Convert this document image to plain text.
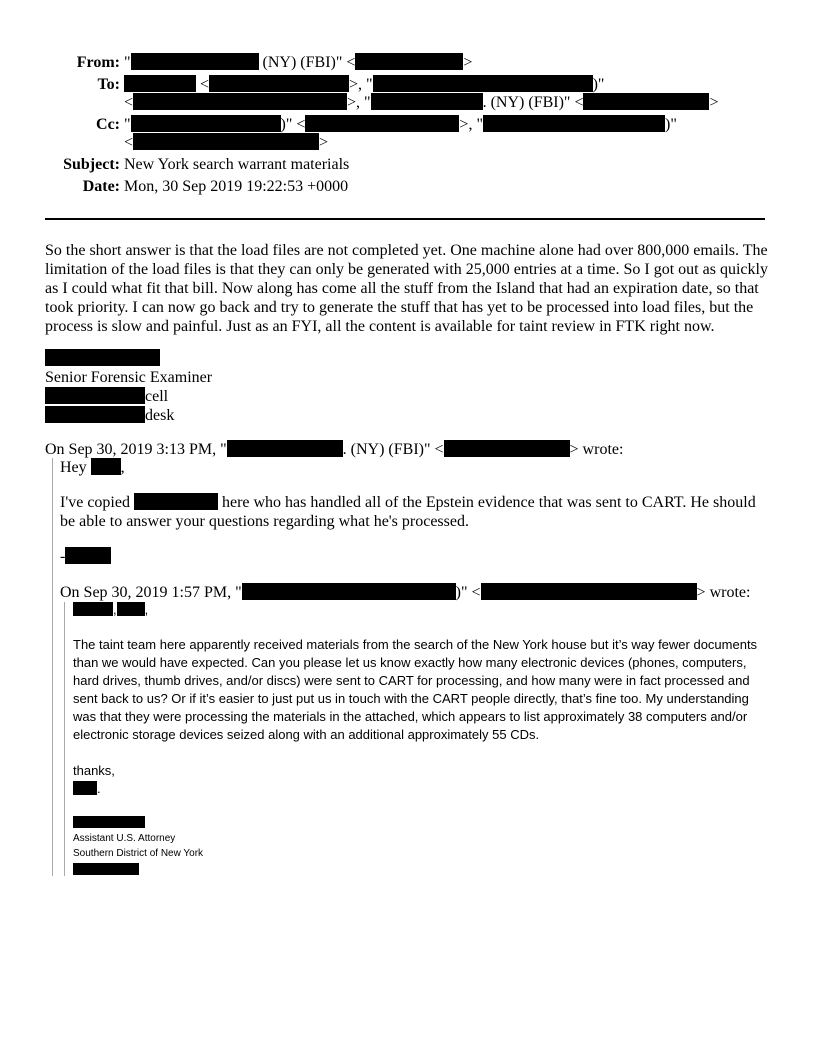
From: "	(NY) (FBI)" <	>
To:	<	>, "	)"
<	>, "	. (NY) (FBI)" <	>
Cc: "	)" <	>, "	)"
<	>
Subject: New York search warrant materials
Date: Mon, 30 Sep 2019 19:22:53 +0000
So the short answer is that the load files are not completed yet. One machine alone had over 800,000 emails. The limitation of the load files is that they can only be generated with 25,000 entries at a time. So I got out as quickly as I could what fit that bill. Now along has come all the stuff from the Island that had an expiration date, so that took priority. I can now go back and try to generate the stuff that has yet to be processed into load files, but the process is slow and painful. Just as an FYI, all the content is available for taint review in FTK right now.
Senior Forensic Examiner
cell
desk
On Sep 30, 2019 3:13 PM, "	. (NY) (FBI)" <	> wrote:
Hey ,
I've copied	here who has handled all of the Epstein evidence that was sent to CART. He should be able to answer your questions regarding what he's processed.
-
On Sep 30, 2019 1:57 PM, "	)" <	> wrote:
, ,
The taint team here apparently received materials from the search of the New York house but it’s way fewer documents than we would have expected. Can you please let us know exactly how many electronic devices (phones, computers, hard drives, thumb drives, and/or discs) were sent to CART for processing, and how many were in fact processed and sent back to us? Or if it’s easier to just put us in touch with the CART people directly, that’s fine too. My understanding was that they were processing the materials in the attached, which appears to list approximately 38 computers and/or electronic storage devices seized along with an additional approximately 55 CDs.
thanks,
.
Assistant U.S. Attorney
Southern District of New York
